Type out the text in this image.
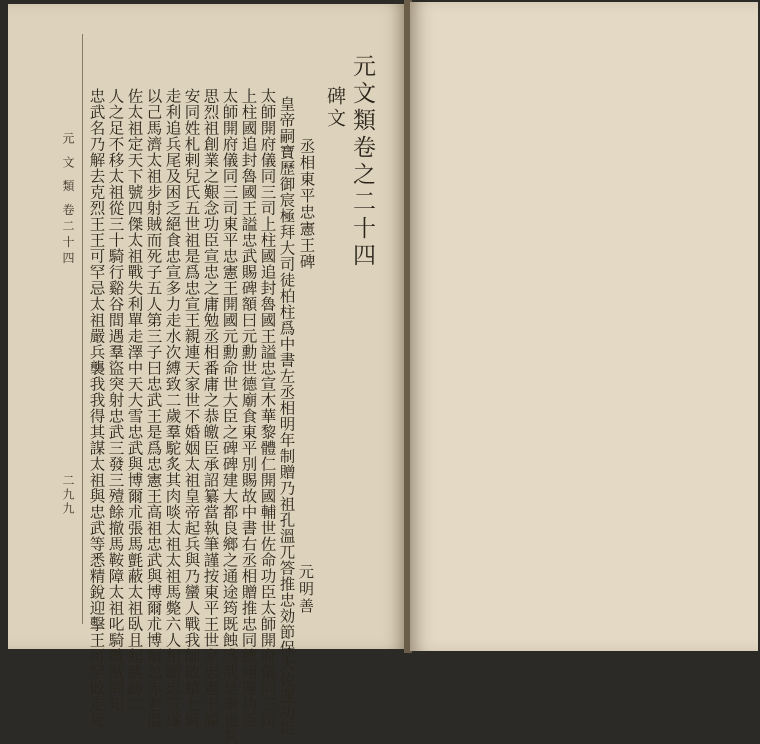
元 文 類 卷二十四
二九九	皇帝嗣寶歷御宸極拜大司徒柏柱爲中書左丞相明年制贈乃祖孔溫兀答推忠効節保大佐運功臣
太師開府儀同三司上柱國追封魯國王謚忠宣木華黎體仁開國輔世佐命功臣太師開府儀同三司
上柱國追封魯國王謚忠武賜碑額曰元勳世德廟食東平別賜故中書右丞相贈推忠同德翊運功臣
太師開府儀同三司東平忠憲王開國元勳命世大臣之碑碑建大都良鄉之通途筠既蝕盛哉是舉也其
思烈祖創業之艱念功臣宣忠之庸勉丞相番庸之恭皦臣承詔纂當執筆謹按東平王世家忠憲王諱
安同姓札剌兒氏五世祖是爲忠宣王親連天家世不婚姻太祖皇帝起兵與乃蠻人戰我師敗績七騎
走利追兵尾及困乏絕食忠宣多力走水次縛致二歲羣駝炙其肉啖太祖太祖馬斃六人相顧忠宣遂
以己馬濟太祖步射賊而死子五人第三子曰忠武王是爲忠憲王高祖忠武與博爾朮博爾忽赤老溫
佐太祖定天下號四傑太祖戰失利單走澤中天大雪忠武與博爾朮張馬氈蔽太祖臥且起跳跡二
人之足不移太祖從三十騎行谿谷間遇羣盜突射忠武三發三殪餘撤馬鞍障太祖叱騎戰賊問知
忠武名乃解去克烈王王可罕忌太祖嚴兵襲我我得其謀太祖與忠武等悉精銳迎擊王可罕敗走死	丞相東平忠憲王碑
元明善
碑文 元文類卷之二十四
